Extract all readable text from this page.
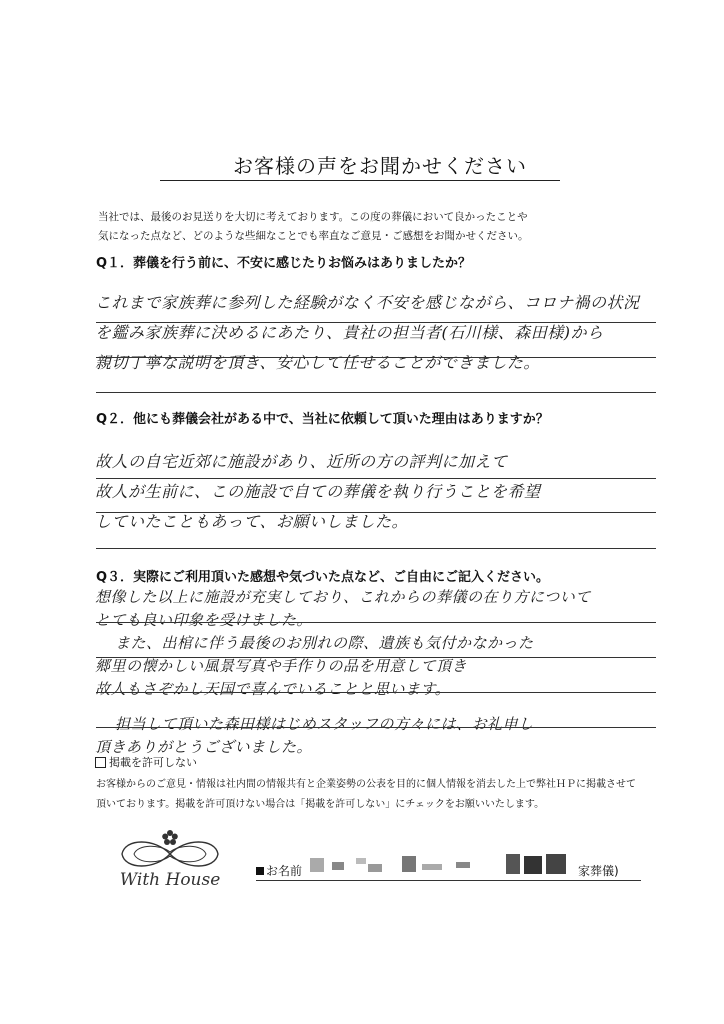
お客様の声をお聞かせください
当社では、最後のお見送りを大切に考えております。この度の葬儀において良かったことや
気になった点など、どのような些細なことでも率直なご意見・ご感想をお聞かせください。
Q１．葬儀を行う前に、不安に感じたりお悩みはありましたか？
これまで家族葬に参列した経験がなく不安を感じながら、コロナ禍の状況
を鑑み家族葬に決めるにあたり、貴社の担当者(石川様、森田様)から
親切丁寧な説明を頂き、安心して任せることができました。
Q２．他にも葬儀会社がある中で、当社に依頼して頂いた理由はありますか？
故人の自宅近郊に施設があり、近所の方の評判に加えて
故人が生前に、この施設で自ての葬儀を執り行うことを希望
していたこともあって、お願いしました。
Q３．実際にご利用頂いた感想や気づいた点など、ご自由にご記入ください。
想像した以上に施設が充実しており、これからの葬儀の在り方について
とても良い印象を受けました。
また、出棺に伴う最後のお別れの際、遺族も気付かなかった
郷里の懐かしい風景写真や手作りの品を用意して頂き
故人もさぞかし天国で喜んでいることと思います。
担当して頂いた森田様はじめスタッフの方々には、お礼申し
頂きありがとうございました。
掲載を許可しない
お客様からのご意見・情報は社内間の情報共有と企業姿勢の公表を目的に個人情報を消去した上で弊社ＨＰに掲載させて
頂いております。掲載を許可頂けない場合は「掲載を許可しない」にチェックをお願いいたします。
With House	お名前	家葬儀)
